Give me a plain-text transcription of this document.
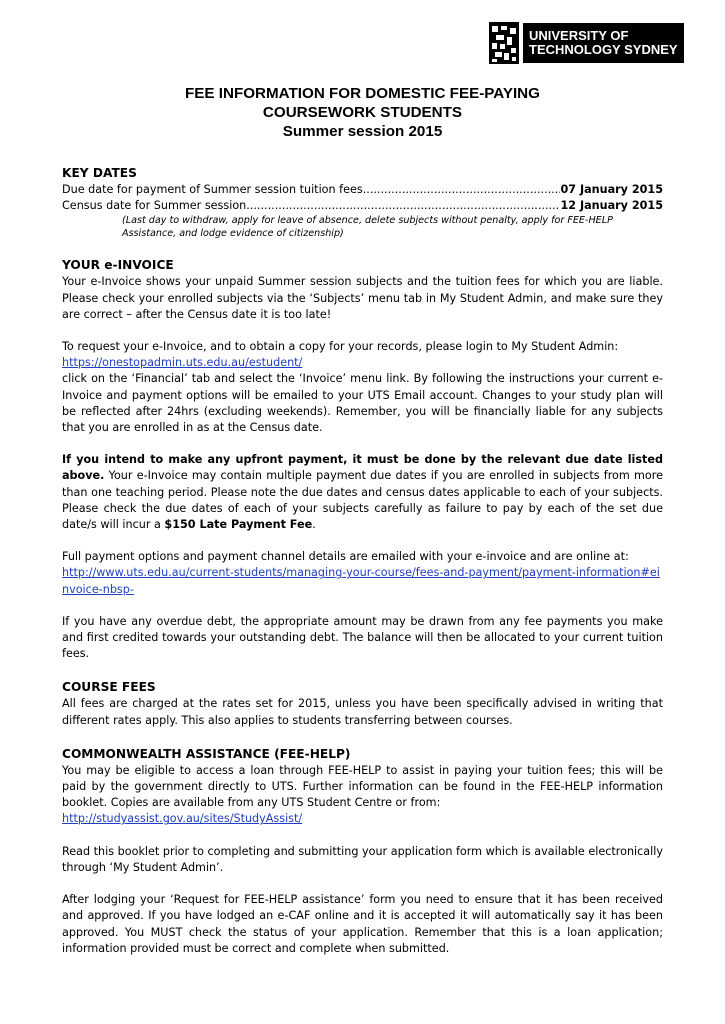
UNIVERSITY OF
TECHNOLOGY SYDNEY
FEE INFORMATION FOR DOMESTIC FEE-PAYING
COURSEWORK STUDENTS
Summer session 2015
KEY DATES
Due date for payment of Summer session tuition fees .....	07 January 2015
Census date for Summer session .....	12 January 2015
(Last day to withdraw, apply for leave of absence, delete subjects without penalty, apply for FEE-HELP Assistance, and lodge evidence of citizenship)
YOUR e-INVOICE

Your e-Invoice shows your unpaid Summer session subjects and the tuition fees for which you are liable. Please check your enrolled subjects via the ‘Subjects’ menu tab in My Student Admin, and make sure they are correct – after the Census date it is too late!

To request your e-Invoice, and to obtain a copy for your records, please login to My Student Admin:
https://onestopadmin.uts.edu.au/estudent/
click on the ‘Financial’ tab and select the ‘Invoice’ menu link. By following the instructions your current e-Invoice and payment options will be emailed to your UTS Email account. Changes to your study plan will be reflected after 24hrs (excluding weekends). Remember, you will be financially liable for any subjects that you are enrolled in as at the Census date.

If you intend to make any upfront payment, it must be done by the relevant due date listed above. Your e-Invoice may contain multiple payment due dates if you are enrolled in subjects from more than one teaching period. Please note the due dates and census dates applicable to each of your subjects. Please check the due dates of each of your subjects carefully as failure to pay by each of the set due date/s will incur a $150 Late Payment Fee.

Full payment options and payment channel details are emailed with your e-invoice and are online at:
http://www.uts.edu.au/current-students/managing-your-course/fees-and-payment/payment-information#einvoice-nbsp-

If you have any overdue debt, the appropriate amount may be drawn from any fee payments you make and first credited towards your outstanding debt. The balance will then be allocated to your current tuition fees.

COURSE FEES

All fees are charged at the rates set for 2015, unless you have been specifically advised in writing that different rates apply. This also applies to students transferring between courses.

COMMONWEALTH ASSISTANCE (FEE-HELP)

You may be eligible to access a loan through FEE-HELP to assist in paying your tuition fees; this will be paid by the government directly to UTS. Further information can be found in the FEE-HELP information booklet. Copies are available from any UTS Student Centre or from:
http://studyassist.gov.au/sites/StudyAssist/

Read this booklet prior to completing and submitting your application form which is available electronically through ‘My Student Admin’.

After lodging your ‘Request for FEE-HELP assistance’ form you need to ensure that it has been received and approved. If you have lodged an e-CAF online and it is accepted it will automatically say it has been approved. You MUST check the status of your application. Remember that this is a loan application; information provided must be correct and complete when submitted.
